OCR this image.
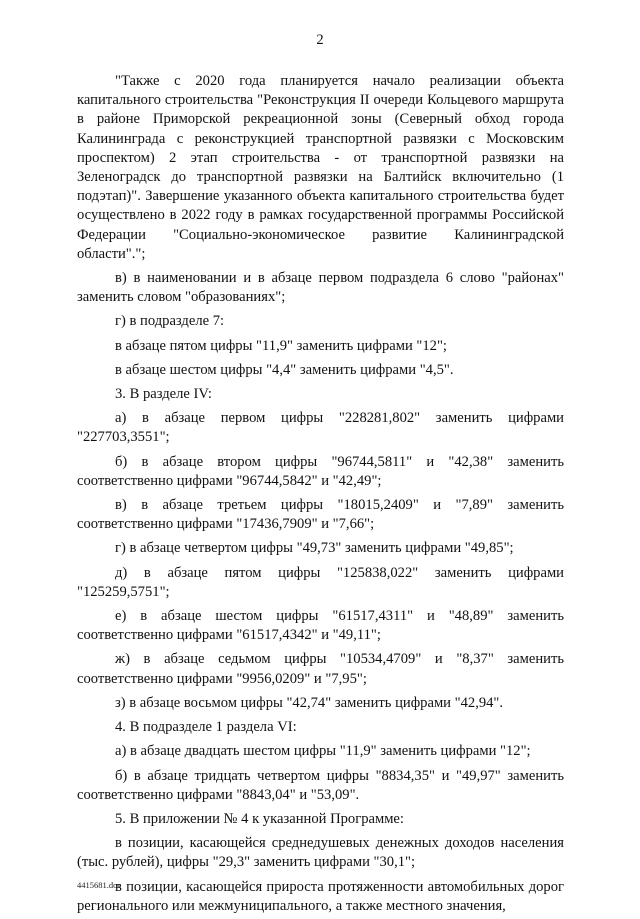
2

"Также с 2020 года планируется начало реализации объекта капитального строительства "Реконструкция II очереди Кольцевого маршрута в районе Приморской рекреационной зоны (Северный обход города Калининграда с реконструкцией транспортной развязки с Московским проспектом) 2 этап строительства - от транспортной развязки на Зеленоградск до транспортной развязки на Балтийск включительно (1 подэтап)". Завершение указанного объекта капитального строительства будет осуществлено в 2022 году в рамках государственной программы Российской Федерации "Социально-экономическое развитие Калининградской области".";

в) в наименовании и в абзаце первом подраздела 6 слово "районах" заменить словом "образованиях";

г) в подразделе 7:

в абзаце пятом цифры "11,9" заменить цифрами "12";

в абзаце шестом цифры "4,4" заменить цифрами "4,5".

3. В разделе IV:

а) в абзаце первом цифры "228281,802" заменить цифрами "227703,3551";

б) в абзаце втором цифры "96744,5811" и "42,38" заменить соответственно цифрами "96744,5842" и "42,49";

в) в абзаце третьем цифры "18015,2409" и "7,89" заменить соответственно цифрами "17436,7909" и "7,66";

г) в абзаце четвертом цифры "49,73" заменить цифрами "49,85";

д) в абзаце пятом цифры "125838,022" заменить цифрами "125259,5751";

е) в абзаце шестом цифры "61517,4311" и "48,89" заменить соответственно цифрами "61517,4342" и "49,11";

ж) в абзаце седьмом цифры "10534,4709" и "8,37" заменить соответственно цифрами "9956,0209" и "7,95";

з) в абзаце восьмом цифры "42,74" заменить цифрами "42,94".

4. В подразделе 1 раздела VI:

а) в абзаце двадцать шестом цифры "11,9" заменить цифрами "12";

б) в абзаце тридцать четвертом цифры "8834,35" и "49,97" заменить соответственно цифрами "8843,04" и "53,09".

5. В приложении № 4 к указанной Программе:

в позиции, касающейся среднедушевых денежных доходов населения (тыс. рублей), цифры "29,3" заменить цифрами "30,1";

в позиции, касающейся прироста протяженности автомобильных дорог регионального или межмуниципального, а также местного значения,

4415681.doc
